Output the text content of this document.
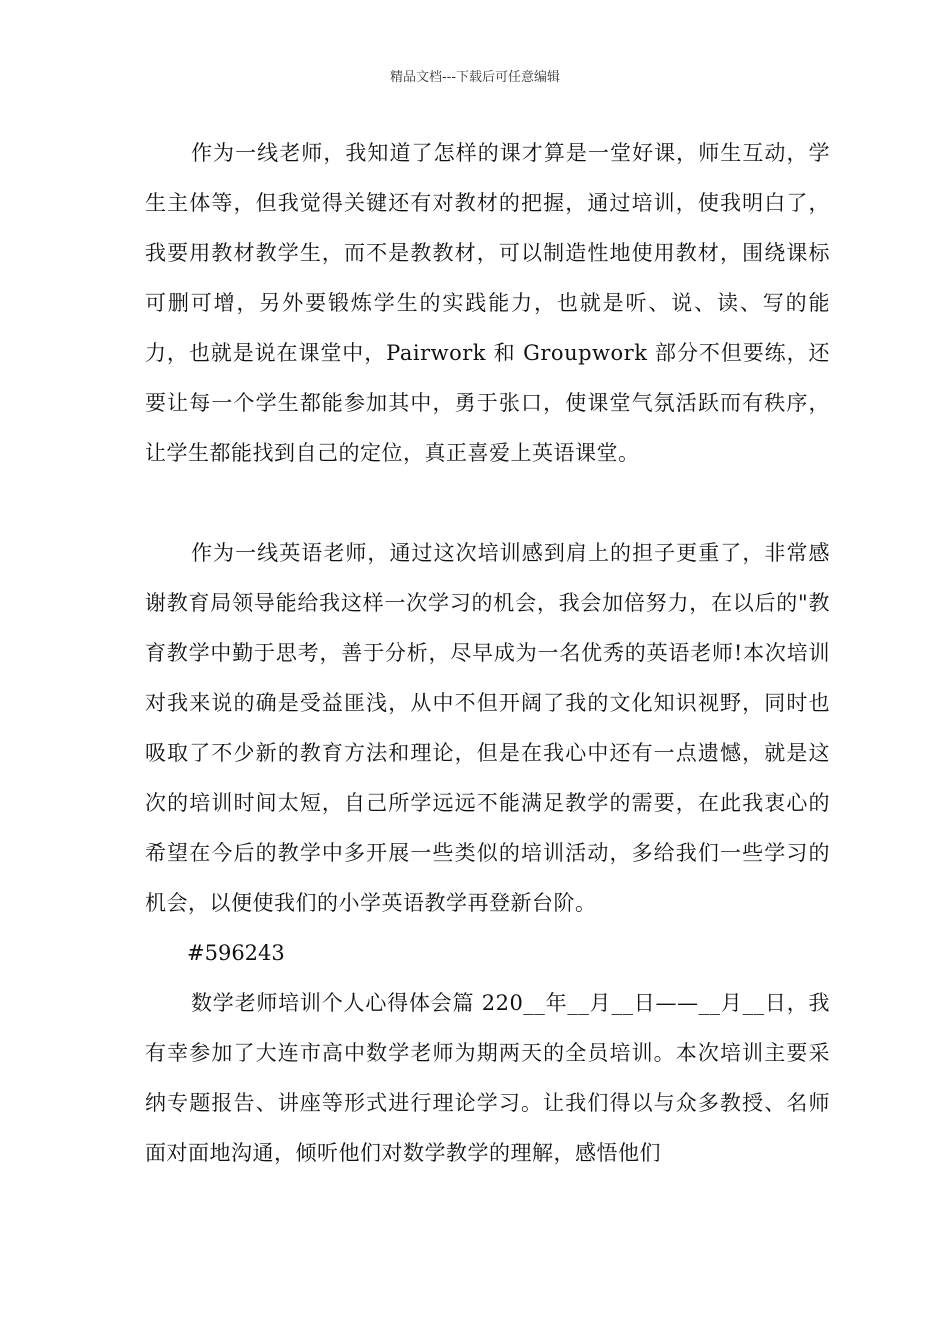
精品文档---下载后可任意编辑

作为一线老师，我知道了怎样的课才算是一堂好课，师生互动，学生主体等，但我觉得关键还有对教材的把握，通过培训，使我明白了，我要用教材教学生，而不是教教材，可以制造性地使用教材，围绕课标可删可增，另外要锻炼学生的实践能力，也就是听、说、读、写的能力，也就是说在课堂中，Pairwork 和 Groupwork 部分不但要练，还要让每一个学生都能参加其中，勇于张口，使课堂气氛活跃而有秩序，让学生都能找到自己的定位，真正喜爱上英语课堂。

作为一线英语老师，通过这次培训感到肩上的担子更重了，非常感谢教育局领导能给我这样一次学习的机会，我会加倍努力，在以后的"教育教学中勤于思考，善于分析，尽早成为一名优秀的英语老师!本次培训对我来说的确是受益匪浅，从中不但开阔了我的文化知识视野，同时也吸取了不少新的教育方法和理论，但是在我心中还有一点遗憾，就是这次的培训时间太短，自己所学远远不能满足教学的需要，在此我衷心的希望在今后的教学中多开展一些类似的培训活动，多给我们一些学习的机会，以便使我们的小学英语教学再登新台阶。

#596243

数学老师培训个人心得体会篇 220__年__月__日——__月__日，我有幸参加了大连市高中数学老师为期两天的全员培训。本次培训主要采纳专题报告、讲座等形式进行理论学习。让我们得以与众多教授、名师面对面地沟通，倾听他们对数学教学的理解，感悟他们
